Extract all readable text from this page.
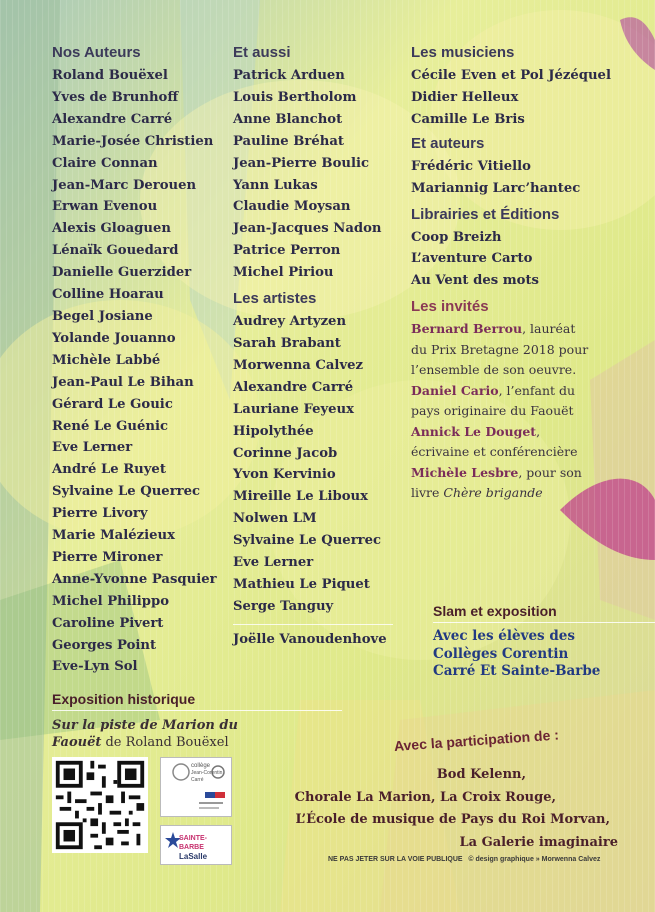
Nos Auteurs
Roland Bouëxel
Yves de Brunhoff
Alexandre Carré
Marie-Josée Christien
Claire Connan
Jean-Marc Derouen
Erwan Evenou
Alexis Gloaguen
Lénaïk Gouedard
Danielle Guerzider
Colline Hoarau
Begel Josiane
Yolande Jouanno
Michèle Labbé
Jean-Paul Le Bihan
Gérard Le Gouic
René Le Guénic
Eve Lerner
André Le Ruyet
Sylvaine Le Querrec
Pierre Livory
Marie Malézieux
Pierre Mironer
Anne-Yvonne Pasquier
Michel Philippo
Caroline Pivert
Georges Point
Eve-Lyn Sol
Et aussi
Patrick Arduen
Louis Bertholom
Anne Blanchot
Pauline Bréhat
Jean-Pierre Boulic
Yann Lukas
Claudie Moysan
Jean-Jacques Nadon
Patrice Perron
Michel Piriou
Les artistes
Audrey Artyzen
Sarah Brabant
Morwenna Calvez
Alexandre Carré
Lauriane Feyeux
Hipolythée
Corinne Jacob
Yvon Kervinio
Mireille Le Liboux
Nolwen LM
Sylvaine Le Querrec
Eve Lerner
Mathieu Le Piquet
Serge Tanguy
Joëlle Vanoudenhove
Les musiciens
Cécile Even et Pol Jézéquel
Didier Helleux
Camille Le Bris
Et auteurs
Frédéric Vitiello
Mariannig Larc’hantec
Librairies et Éditions
Coop Breizh
L’aventure Carto
Au Vent des mots
Les invités
Bernard Berrou, lauréat
du Prix Bretagne 2018 pour
l’ensemble de son oeuvre.
Daniel Cario, l’enfant du
pays originaire du Faouët
Annick Le Douget,
écrivaine et conférencière
Michèle Lesbre, pour son
livre Chère brigande
Slam et exposition
Avec les élèves des
Collèges Corentin
Carré Et Sainte-Barbe
Exposition historique
Sur la piste de Marion du
Faouët de Roland Bouëxel
collège
Jean-Corentin Carré
SAINTE-BARBE
LaSalle
Avec la participation de :
Bod Kelenn,
Chorale La Marion, La Croix Rouge,
L’École de musique de Pays du Roi Morvan,
La Galerie imaginaire
NE PAS JETER SUR LA VOIE PUBLIQUE   © design graphique » Morwenna Calvez
